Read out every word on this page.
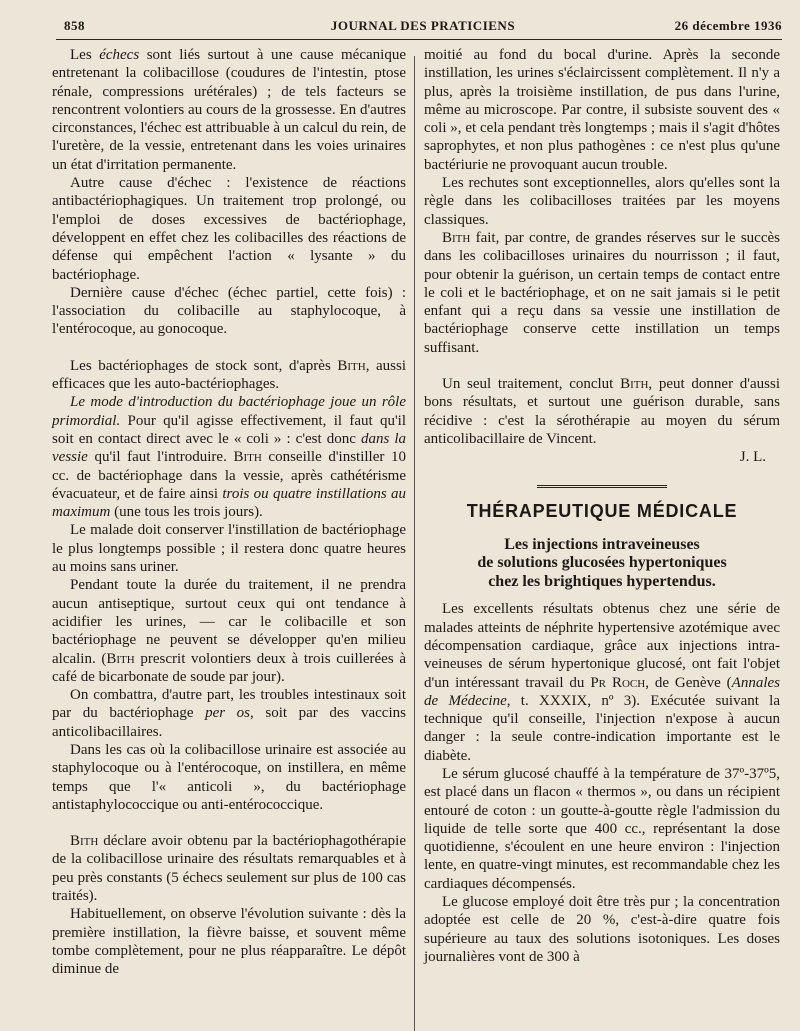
858	JOURNAL DES PRATICIENS	26 décembre 1936

Les échecs sont liés surtout à une cause mécanique entretenant la colibacillose (coudures de l'intestin, ptose rénale, compressions urétérales) ; de tels facteurs se rencontrent volontiers au cours de la grossesse. En d'autres circonstances, l'échec est attribuable à un calcul du rein, de l'uretère, de la vessie, entretenant dans les voies urinaires un état d'irritation permanente.

Autre cause d'échec : l'existence de réactions antibactériophagiques. Un traitement trop prolongé, ou l'emploi de doses excessives de bactériophage, développent en effet chez les colibacilles des réactions de défense qui empêchent l'action « lysante » du bactériophage.

Dernière cause d'échec (échec partiel, cette fois) : l'association du colibacille au staphylocoque, à l'entérocoque, au gonocoque.

Les bactériophages de stock sont, d'après Bith, aussi efficaces que les auto-bactériophages.

Le mode d'introduction du bactériophage joue un rôle primordial. Pour qu'il agisse effectivement, il faut qu'il soit en contact direct avec le « coli » : c'est donc dans la vessie qu'il faut l'introduire. Bith conseille d'instiller 10 cc. de bactériophage dans la vessie, après cathétérisme évacuateur, et de faire ainsi trois ou quatre instillations au maximum (une tous les trois jours).

Le malade doit conserver l'instillation de bactériophage le plus longtemps possible ; il restera donc quatre heures au moins sans uriner.

Pendant toute la durée du traitement, il ne prendra aucun antiseptique, surtout ceux qui ont tendance à acidifier les urines, — car le colibacille et son bactériophage ne peuvent se développer qu'en milieu alcalin. (Bith prescrit volontiers deux à trois cuillerées à café de bicarbonate de soude par jour).

On combattra, d'autre part, les troubles intestinaux soit par du bactériophage per os, soit par des vaccins anticolibacillaires.

Dans les cas où la colibacillose urinaire est associée au staphylocoque ou à l'entérocoque, on instillera, en même temps que l'« anticoli », du bactériophage antistaphylococcique ou anti-entérococcique.

Bith déclare avoir obtenu par la bactériophagothérapie de la colibacillose urinaire des résultats remarquables et à peu près constants (5 échecs seulement sur plus de 100 cas traités).

Habituellement, on observe l'évolution suivante : dès la première instillation, la fièvre baisse, et souvent même tombe complètement, pour ne plus réapparaître. Le dépôt diminue de

moitié au fond du bocal d'urine. Après la seconde instillation, les urines s'éclaircissent complètement. Il n'y a plus, après la troisième instillation, de pus dans l'urine, même au microscope. Par contre, il subsiste souvent des « coli », et cela pendant très longtemps ; mais il s'agit d'hôtes saprophytes, et non plus pathogènes : ce n'est plus qu'une bactériurie ne provoquant aucun trouble.

Les rechutes sont exceptionnelles, alors qu'elles sont la règle dans les colibacilloses traitées par les moyens classiques.

Bith fait, par contre, de grandes réserves sur le succès dans les colibacilloses urinaires du nourrisson ; il faut, pour obtenir la guérison, un certain temps de contact entre le coli et le bactériophage, et on ne sait jamais si le petit enfant qui a reçu dans sa vessie une instillation de bactériophage conserve cette instillation un temps suffisant.

Un seul traitement, conclut Bith, peut donner d'aussi bons résultats, et surtout une guérison durable, sans récidive : c'est la sérothérapie au moyen du sérum anticolibacillaire de Vincent.

J. L.

THÉRAPEUTIQUE MÉDICALE
Les injections intraveineuses
de solutions glucosées hypertoniques
chez les brightiques hypertendus.

Les excellents résultats obtenus chez une série de malades atteints de néphrite hypertensive azotémique avec décompensation cardiaque, grâce aux injections intra-veineuses de sérum hypertonique glucosé, ont fait l'objet d'un intéressant travail du Pr Roch, de Genève (Annales de Médecine, t. XXXIX, nº 3). Exécutée suivant la technique qu'il conseille, l'injection n'expose à aucun danger : la seule contre-indication importante est le diabète.

Le sérum glucosé chauffé à la température de 37º-37º5, est placé dans un flacon « thermos », ou dans un récipient entouré de coton : un goutte-à-goutte règle l'admission du liquide de telle sorte que 400 cc., représentant la dose quotidienne, s'écoulent en une heure environ : l'injection lente, en quatre-vingt minutes, est recommandable chez les cardiaques décompensés.

Le glucose employé doit être très pur ; la concentration adoptée est celle de 20 %, c'est-à-dire quatre fois supérieure au taux des solutions isotoniques. Les doses journalières vont de 300 à
